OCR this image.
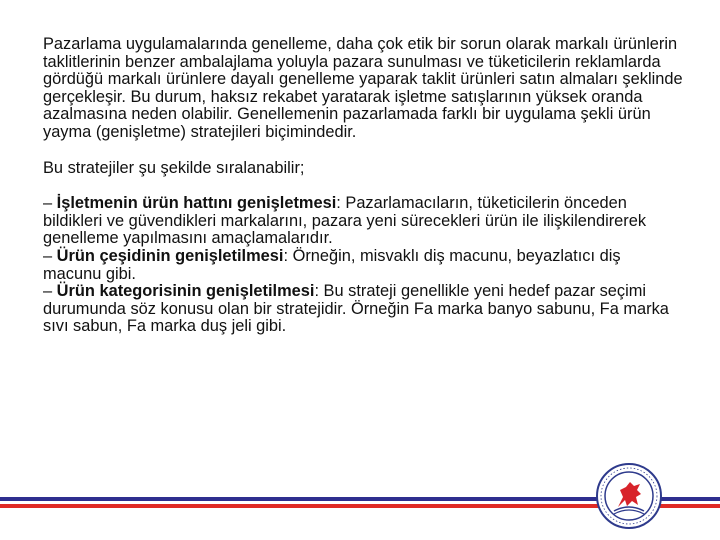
Pazarlama uygulamalarında genelleme, daha çok etik bir sorun olarak markalı ürünlerin taklitlerinin benzer ambalajlama yoluyla pazara sunulması ve tüketicilerin reklamlarda gördüğü markalı ürünlere dayalı genelleme yaparak taklit ürünleri satın almaları şeklinde gerçekleşir. Bu durum, haksız rekabet yaratarak işletme satışlarının yüksek oranda azalmasına neden olabilir. Genellemenin pazarlamada farklı bir uygulama şekli ürün yayma (genişletme) stratejileri biçimindedir.

Bu stratejiler şu şekilde sıralanabilir;

– İşletmenin ürün hattını genişletmesi: Pazarlamacıların, tüketicilerin önceden bildikleri ve güvendikleri markalarını, pazara yeni sürecekleri ürün ile ilişkilendirerek genelleme yapılmasını amaçlamalarıdır.

– Ürün çeşidinin genişletilmesi: Örneğin, misvaklı diş macunu, beyazlatıcı diş macunu gibi.

– Ürün kategorisinin genişletilmesi: Bu strateji genellikle yeni hedef pazar seçimi durumunda söz konusu olan bir stratejidir. Örneğin Fa marka banyo sabunu, Fa marka sıvı sabun, Fa marka duş jeli gibi.
